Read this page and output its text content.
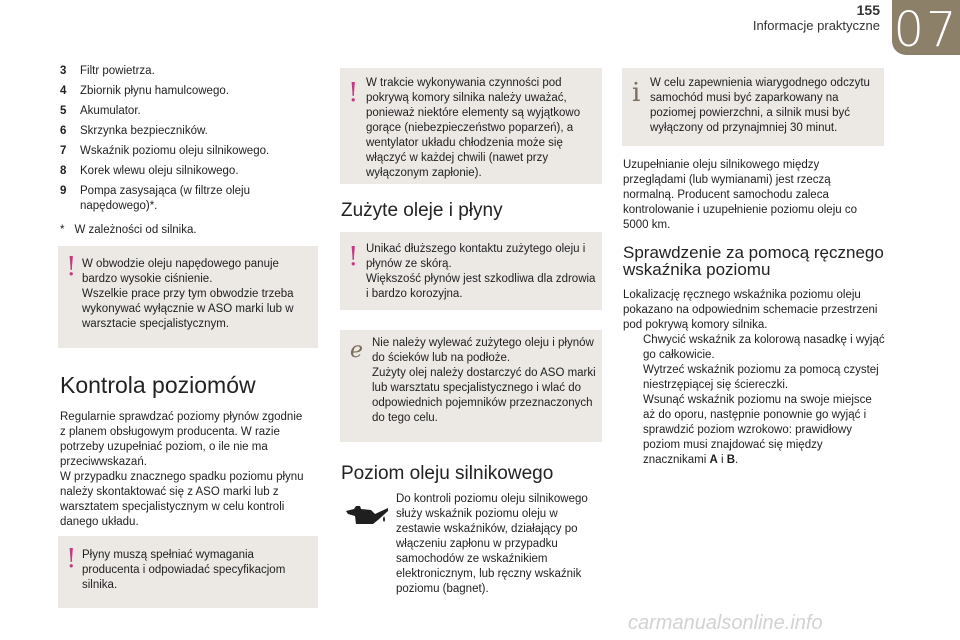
155
Informacje praktyczne 07
3	Filtr powietrza.
4	Zbiornik płynu hamulcowego.
5	Akumulator.
6	Skrzynka bezpieczników.
7	Wskaźnik poziomu oleju silnikowego.
8	Korek wlewu oleju silnikowego.
9	Pompa zasysająca (w filtrze oleju napędowego)*.
* W zależności od silnika.
! W obwodzie oleju napędowego panuje bardzo wysokie ciśnienie.
Wszelkie prace przy tym obwodzie trzeba wykonywać wyłącznie w ASO marki lub w warsztacie specjalistycznym.
Kontrola poziomów
Regularnie sprawdzać poziomy płynów zgodnie z planem obsługowym producenta. W razie potrzeby uzupełniać poziom, o ile nie ma przeciwwskazań.
W przypadku znacznego spadku poziomu płynu należy skontaktować się z ASO marki lub z warsztatem specjalistycznym w celu kontroli danego układu.
! Płyny muszą spełniać wymagania producenta i odpowiadać specyfikacjom silnika.
! W trakcie wykonywania czynności pod pokrywą komory silnika należy uważać, ponieważ niektóre elementy są wyjątkowo gorące (niebezpieczeństwo poparzeń), a wentylator układu chłodzenia może się włączyć w każdej chwili (nawet przy wyłączonym zapłonie).
Zużyte oleje i płyny
! Unikać dłuższego kontaktu zużytego oleju i płynów ze skórą.
Większość płynów jest szkodliwa dla zdrowia i bardzo korozyjna.
ℯ Nie należy wylewać zużytego oleju i płynów do ścieków lub na podłoże.
Zużyty olej należy dostarczyć do ASO marki lub warsztatu specjalistycznego i wlać do odpowiednich pojemników przeznaczonych do tego celu.
Poziom oleju silnikowego
Do kontroli poziomu oleju silnikowego służy wskaźnik poziomu oleju w zestawie wskaźników, działający po włączeniu zapłonu w przypadku samochodów ze wskaźnikiem elektronicznym, lub ręczny wskaźnik poziomu (bagnet).
i W celu zapewnienia wiarygodnego odczytu samochód musi być zaparkowany na poziomej powierzchni, a silnik musi być wyłączony od przynajmniej 30 minut.
Uzupełnianie oleju silnikowego między przeglądami (lub wymianami) jest rzeczą normalną. Producent samochodu zaleca kontrolowanie i uzupełnienie poziomu oleju co 5000 km.
Sprawdzenie za pomocą ręcznego wskaźnika poziomu

Lokalizację ręcznego wskaźnika poziomu oleju pokazano na odpowiednim schemacie przestrzeni pod pokrywą komory silnika.

Chwycić wskaźnik za kolorową nasadkę i wyjąć go całkowicie.
Wytrzeć wskaźnik poziomu za pomocą czystej niestrzępiącej się ściereczki.
Wsunąć wskaźnik poziomu na swoje miejsce aż do oporu, następnie ponownie go wyjąć i sprawdzić poziom wzrokowo: prawidłowy poziom musi znajdować się między znacznikami A i B.
carmanualsonline.info
